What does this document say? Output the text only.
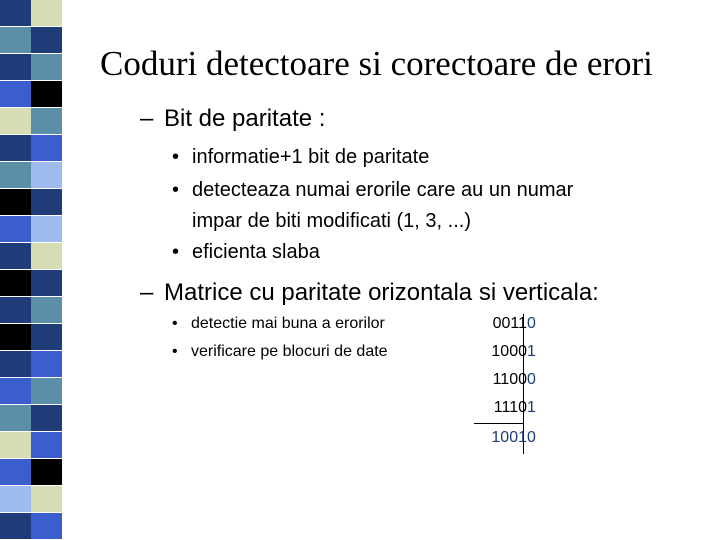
Coduri detectoare si corectoare de erori
– Bit de paritate :
• informatie+1 bit de paritate
• detecteaza numai erorile care au un numar
impar de biti modificati (1, 3, ...)
• eficienta slaba
– Matrice cu paritate orizontala si verticala:
• detectie mai buna a erorilor
• verificare pe blocuri de date
0011 0
1000 1
1100 0
1110 1
1001 0
